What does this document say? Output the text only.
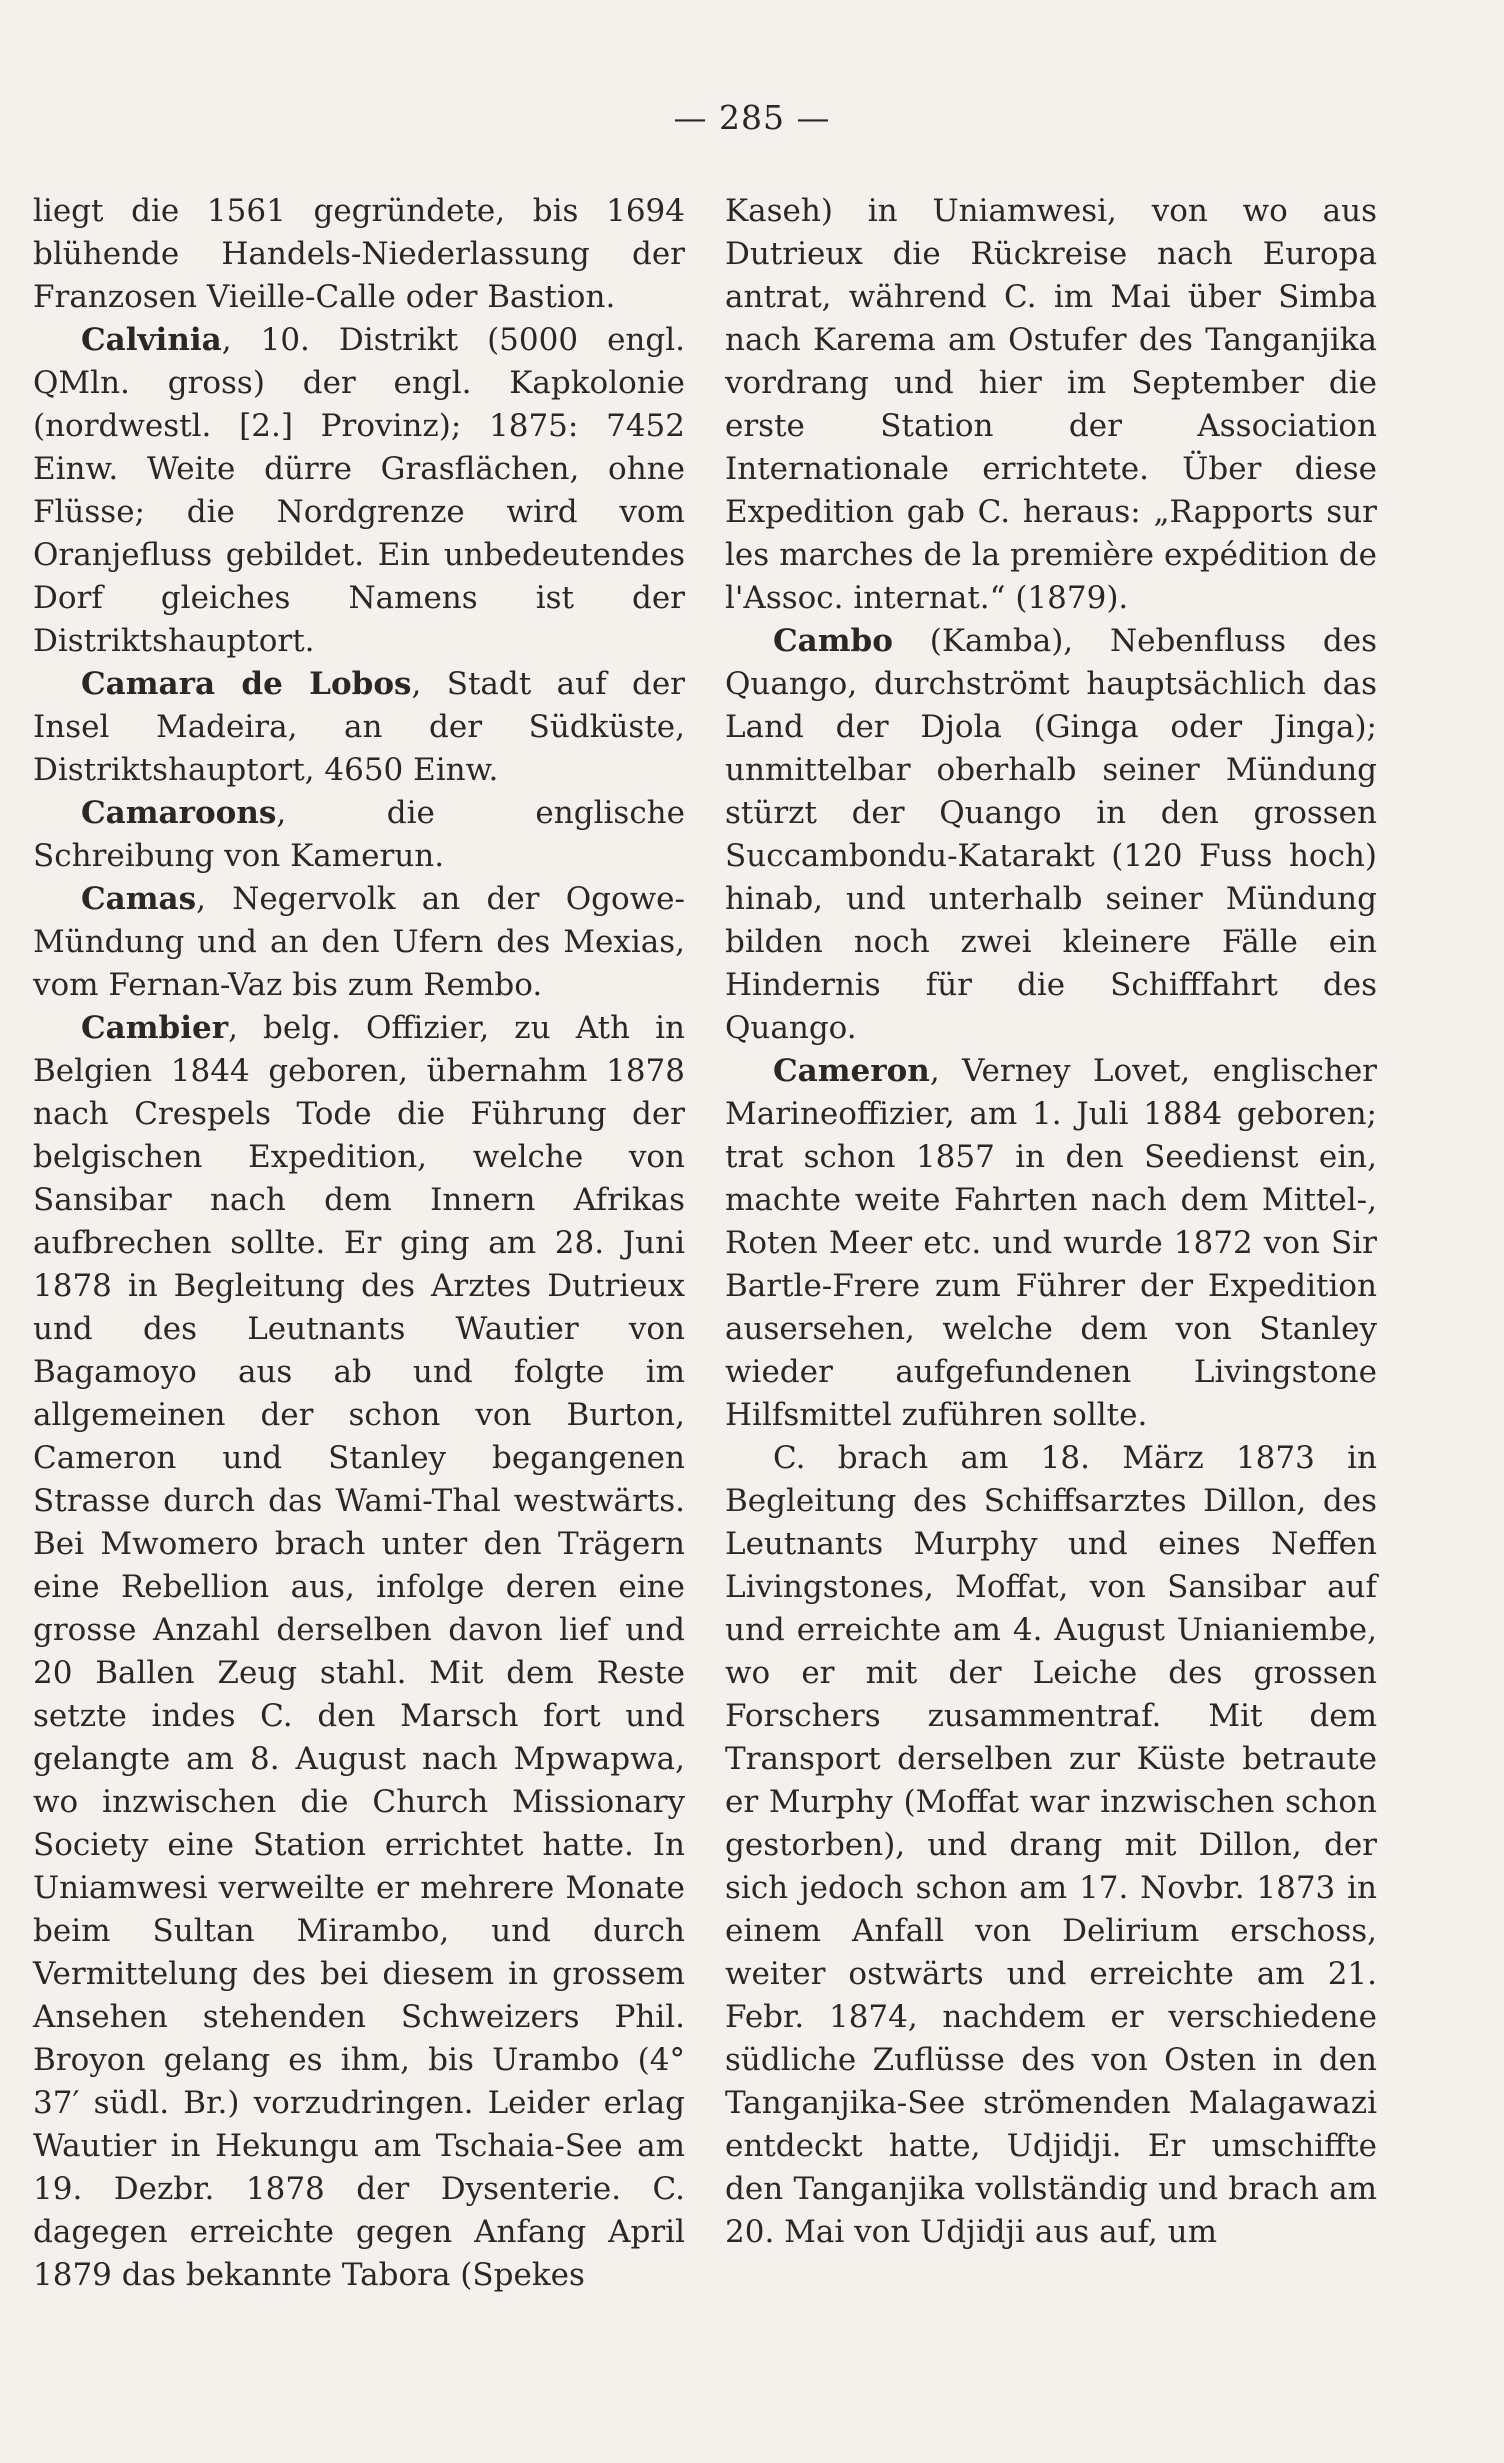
— 285 —

liegt die 1561 gegründete, bis 1694 blühende Handels-Niederlassung der Franzosen Vieille-Calle oder Bastion.

Calvinia, 10. Distrikt (5000 engl. QMln. gross) der engl. Kapkolonie (nordwestl. [2.] Provinz); 1875: 7452 Einw. Weite dürre Grasflächen, ohne Flüsse; die Nordgrenze wird vom Oranjefluss gebildet. Ein unbedeutendes Dorf gleiches Namens ist der Distriktshauptort.

Camara de Lobos, Stadt auf der Insel Madeira, an der Südküste, Distriktshauptort, 4650 Einw.

Camaroons, die englische Schreibung von Kamerun.

Camas, Negervolk an der Ogowe-Mündung und an den Ufern des Mexias, vom Fernan-Vaz bis zum Rembo.

Cambier, belg. Offizier, zu Ath in Belgien 1844 geboren, übernahm 1878 nach Crespels Tode die Führung der belgischen Expedition, welche von Sansibar nach dem Innern Afrikas aufbrechen sollte. Er ging am 28. Juni 1878 in Begleitung des Arztes Dutrieux und des Leutnants Wautier von Bagamoyo aus ab und folgte im allgemeinen der schon von Burton, Cameron und Stanley begangenen Strasse durch das Wami-Thal westwärts. Bei Mwomero brach unter den Trägern eine Rebellion aus, infolge deren eine grosse Anzahl derselben davon lief und 20 Ballen Zeug stahl. Mit dem Reste setzte indes C. den Marsch fort und gelangte am 8. August nach Mpwapwa, wo inzwischen die Church Missionary Society eine Station errichtet hatte. In Uniamwesi verweilte er mehrere Monate beim Sultan Mirambo, und durch Vermittelung des bei diesem in grossem Ansehen stehenden Schweizers Phil. Broyon gelang es ihm, bis Urambo (4° 37′ südl. Br.) vorzudringen. Leider erlag Wautier in Hekungu am Tschaia-See am 19. Dezbr. 1878 der Dysenterie. C. dagegen erreichte gegen Anfang April 1879 das bekannte Tabora (Spekes

Kaseh) in Uniamwesi, von wo aus Dutrieux die Rückreise nach Europa antrat, während C. im Mai über Simba nach Karema am Ostufer des Tanganjika vordrang und hier im September die erste Station der Association Internationale errichtete. Über diese Expedition gab C. heraus: „Rapports sur les marches de la première expédition de l'Assoc. internat.“ (1879).

Cambo (Kamba), Nebenfluss des Quango, durchströmt hauptsächlich das Land der Djola (Ginga oder Jinga); unmittelbar oberhalb seiner Mündung stürzt der Quango in den grossen Succambondu-Katarakt (120 Fuss hoch) hinab, und unterhalb seiner Mündung bilden noch zwei kleinere Fälle ein Hindernis für die Schifffahrt des Quango.

Cameron, Verney Lovet, englischer Marineoffizier, am 1. Juli 1884 geboren; trat schon 1857 in den Seedienst ein, machte weite Fahrten nach dem Mittel-, Roten Meer etc. und wurde 1872 von Sir Bartle-Frere zum Führer der Expedition ausersehen, welche dem von Stanley wieder aufgefundenen Livingstone Hilfsmittel zuführen sollte.

C. brach am 18. März 1873 in Begleitung des Schiffsarztes Dillon, des Leutnants Murphy und eines Neffen Livingstones, Moffat, von Sansibar auf und erreichte am 4. August Unianiembe, wo er mit der Leiche des grossen Forschers zusammentraf. Mit dem Transport derselben zur Küste betraute er Murphy (Moffat war inzwischen schon gestorben), und drang mit Dillon, der sich jedoch schon am 17. Novbr. 1873 in einem Anfall von Delirium erschoss, weiter ostwärts und erreichte am 21. Febr. 1874, nachdem er verschiedene südliche Zuflüsse des von Osten in den Tanganjika-See strömenden Malagawazi entdeckt hatte, Udjidji. Er umschiffte den Tanganjika vollständig und brach am 20. Mai von Udjidji aus auf, um
